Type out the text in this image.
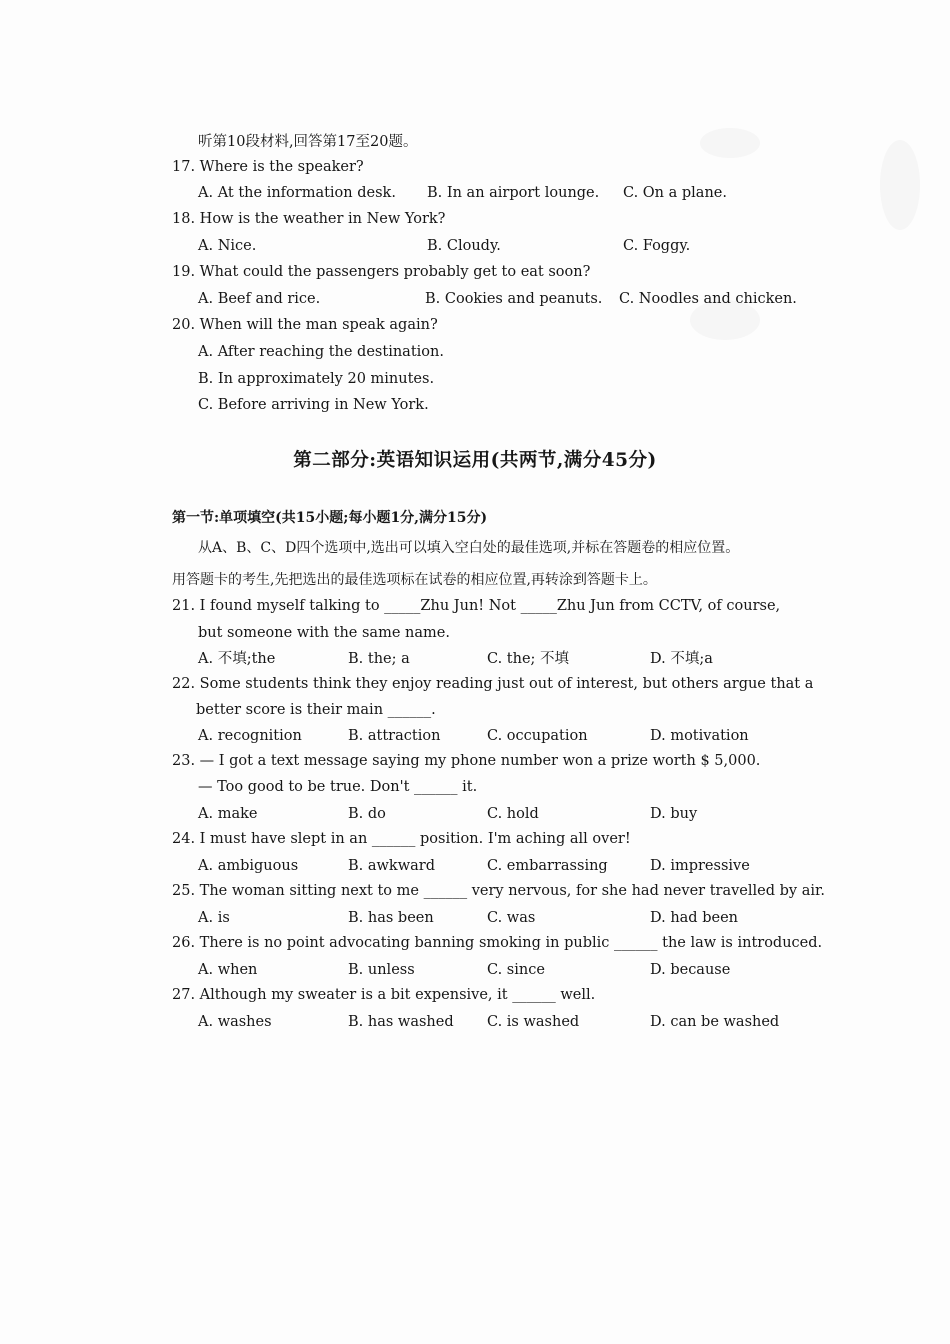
听第10段材料,回答第17至20题。
17. Where is the speaker?
A. At the information desk. B. In an airport lounge. C. On a plane.
18. How is the weather in New York?
A. Nice.	B. Cloudy.	C. Foggy.
19. What could the passengers probably get to eat soon?
A. Beef and rice.	B. Cookies and peanuts. C. Noodles and chicken.
20. When will the man speak again?
A. After reaching the destination.
B. In approximately 20 minutes.
C. Before arriving in New York.
第二部分:英语知识运用(共两节,满分45分)
第一节:单项填空(共15小题;每小题1分,满分15分)
从A、B、C、D四个选项中,选出可以填入空白处的最佳选项,并标在答题卷的相应位置。
用答题卡的考生,先把选出的最佳选项标在试卷的相应位置,再转涂到答题卡上。
21. I found myself talking to _____Zhu Jun! Not _____Zhu Jun from CCTV, of course,
but someone with the same name.
A. 不填;the	B. the; a	C. the; 不填	D. 不填;a
22. Some students think they enjoy reading just out of interest, but others argue that a
better score is their main ______.
A. recognition	B. attraction	C. occupation	D. motivation
23. — I got a text message saying my phone number won a prize worth $ 5,000.
— Too good to be true. Don't ______ it.
A. make	B. do	C. hold	D. buy
24. I must have slept in an ______ position. I'm aching all over!
A. ambiguous	B. awkward	C. embarrassing	D. impressive
25. The woman sitting next to me ______ very nervous, for she had never travelled by air.
A. is	B. has been	C. was	D. had been
26. There is no point advocating banning smoking in public ______ the law is introduced.
A. when	B. unless	C. since	D. because
27. Although my sweater is a bit expensive, it ______ well.
A. washes	B. has washed C. is washed	D. can be washed
